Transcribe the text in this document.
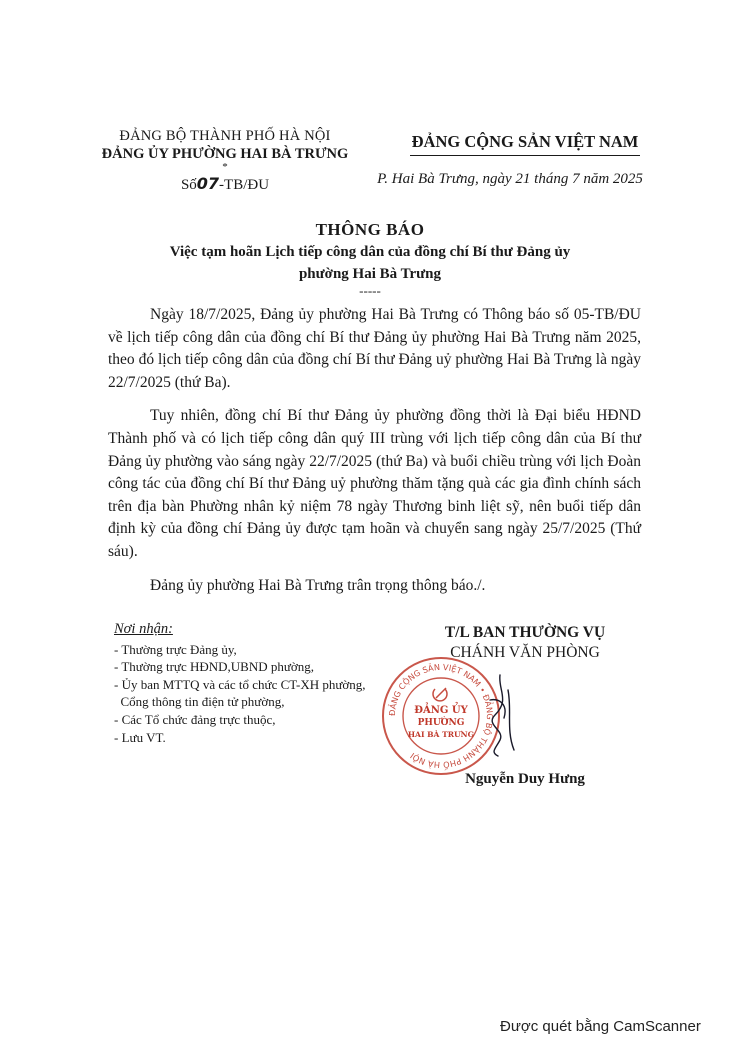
ĐẢNG BỘ THÀNH PHỐ HÀ NỘI
ĐẢNG ỦY PHƯỜNG HAI BÀ TRƯNG
*
Số07-TB/ĐU
ĐẢNG CỘNG SẢN VIỆT NAM
P. Hai Bà Trưng, ngày 21 tháng 7 năm 2025
THÔNG BÁO
Việc tạm hoãn Lịch tiếp công dân của đồng chí Bí thư Đảng ủy
phường Hai Bà Trưng
-----

Ngày 18/7/2025, Đảng ủy phường Hai Bà Trưng có Thông báo số 05-TB/ĐU về lịch tiếp công dân của đồng chí Bí thư Đảng ủy phường Hai Bà Trưng năm 2025, theo đó lịch tiếp công dân của đồng chí Bí thư Đảng uỷ phường Hai Bà Trưng là ngày 22/7/2025 (thứ Ba).

Tuy nhiên, đồng chí Bí thư Đảng ủy phường đồng thời là Đại biểu HĐND Thành phố và có lịch tiếp công dân quý III trùng với lịch tiếp công dân của Bí thư Đảng ủy phường vào sáng ngày 22/7/2025 (thứ Ba) và buổi chiều trùng với lịch Đoàn công tác của đồng chí Bí thư Đảng uỷ phường thăm tặng quà các gia đình chính sách trên địa bàn Phường nhân kỷ niệm 78 ngày Thương binh liệt sỹ, nên buổi tiếp dân định kỳ của đồng chí Đảng ủy được tạm hoãn và chuyển sang ngày 25/7/2025 (Thứ sáu).

Đảng ủy phường Hai Bà Trưng trân trọng thông báo./.

Nơi nhận:
- Thường trực Đảng ủy,
- Thường trực HĐND,UBND phường,
- Ủy ban MTTQ và các tổ chức CT-XH phường,
Cổng thông tin điện tử phường,
- Các Tổ chức đảng trực thuộc,
- Lưu VT.
T/L BAN THƯỜNG VỤ
CHÁNH VĂN PHÒNG
ĐẢNG CỘNG SẢN VIỆT NAM • ĐẢNG BỘ THÀNH PHỐ HÀ NỘI
ĐẢNG ỦY
PHƯỜNG
HAI BÀ TRƯNG
Nguyễn Duy Hưng
Được quét bằng CamScanner
